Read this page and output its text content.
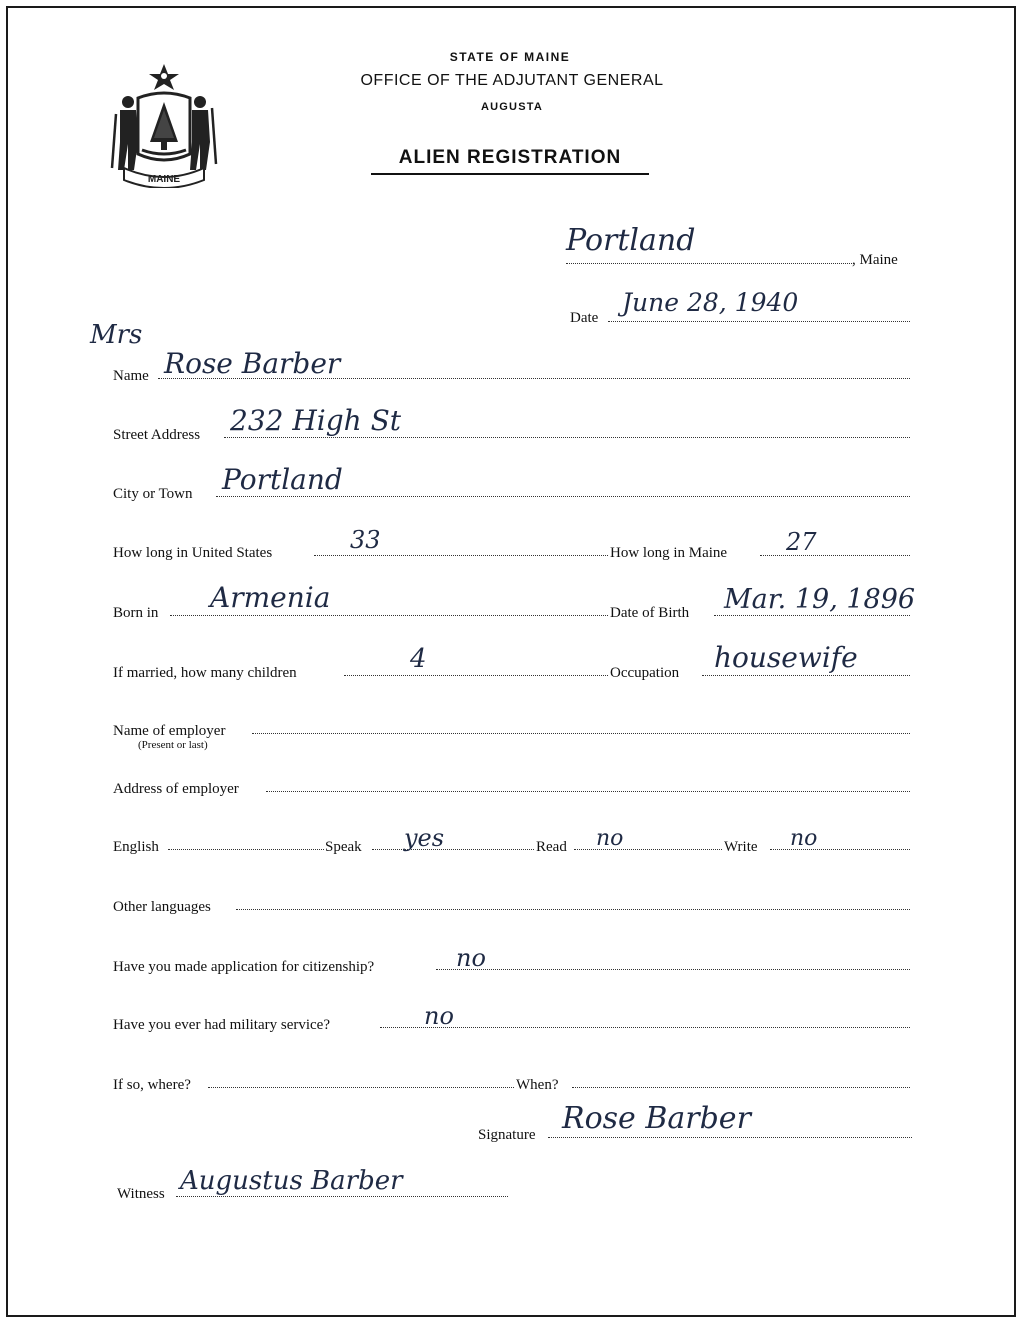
STATE OF MAINE
OFFICE OF THE ADJUTANT GENERAL
AUGUSTA
ALIEN REGISTRATION
MAINE
Portland
, Maine
Date
June 28, 1940
Mrs
Name Rose Barber
Street Address 232 High St
City or Town Portland
How long in United States	33	How long in Maine 27
Born in Armenia	Date of Birth Mar. 19, 1896
If married, how many children	4	Occupation housewife
Name of employer
(Present or last)
Address of employer
English	Speak yes	Read no	Write no
Other languages
Have you made application for citizenship?	no
Have you ever had military service?	no
If so, where?	When?
Signature Rose Barber
Witness Augustus Barber
